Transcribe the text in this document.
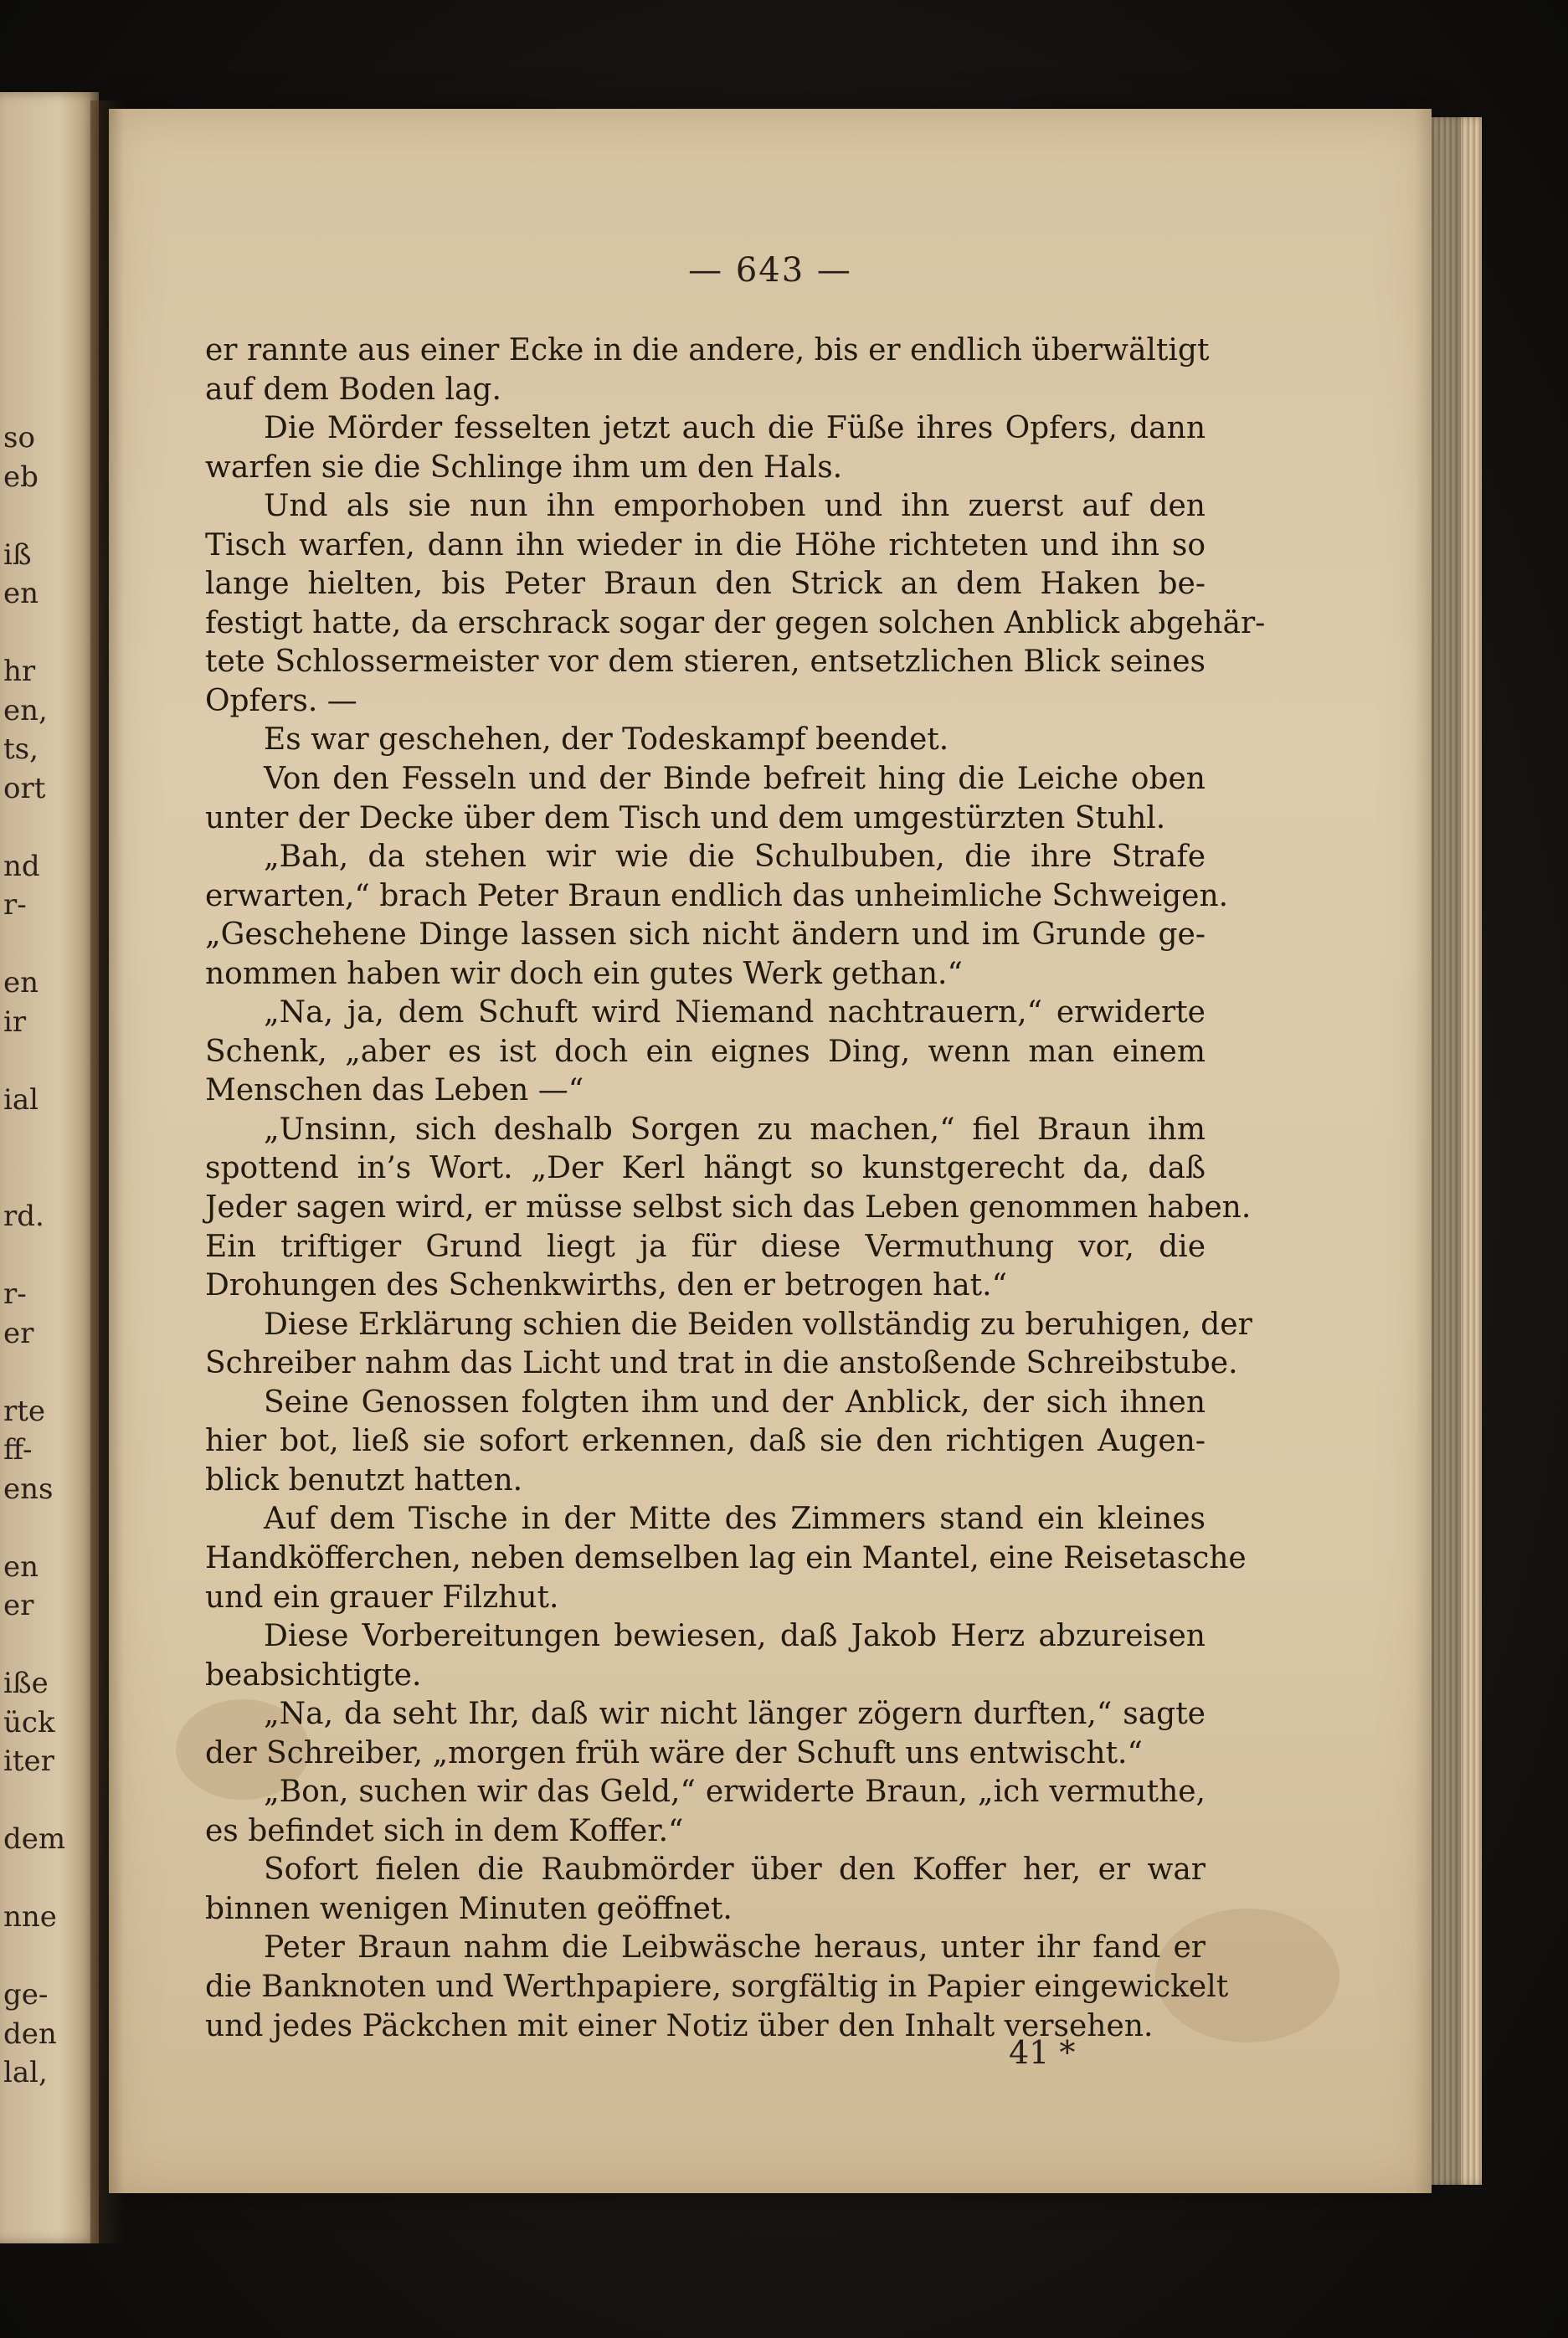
so
eb
iß
en
hr
en,
ts,
ort
nd
r-
en
ir
ial
rd.
r-
er
rte
ff-
ens
en
er
iße
ück
iter
dem
nne
ge-
den
lal,
— 643 —
er rannte aus einer Ecke in die andere, bis er endlich überwältigt
auf dem Boden lag.
Die Mörder fesselten jetzt auch die Füße ihres Opfers, dann
warfen sie die Schlinge ihm um den Hals.
Und als sie nun ihn emporhoben und ihn zuerst auf den
Tisch warfen, dann ihn wieder in die Höhe richteten und ihn so
lange hielten, bis Peter Braun den Strick an dem Haken be-
festigt hatte, da erschrack sogar der gegen solchen Anblick abgehär-
tete Schlossermeister vor dem stieren, entsetzlichen Blick seines
Opfers. —
Es war geschehen, der Todeskampf beendet.
Von den Fesseln und der Binde befreit hing die Leiche oben
unter der Decke über dem Tisch und dem umgestürzten Stuhl.
„Bah, da stehen wir wie die Schulbuben, die ihre Strafe
erwarten,“ brach Peter Braun endlich das unheimliche Schweigen.
„Geschehene Dinge lassen sich nicht ändern und im Grunde ge-
nommen haben wir doch ein gutes Werk gethan.“
„Na, ja, dem Schuft wird Niemand nachtrauern,“ erwiderte
Schenk, „aber es ist doch ein eignes Ding, wenn man einem
Menschen das Leben —“
„Unsinn, sich deshalb Sorgen zu machen,“ fiel Braun ihm
spottend in’s Wort. „Der Kerl hängt so kunstgerecht da, daß
Jeder sagen wird, er müsse selbst sich das Leben genommen haben.
Ein triftiger Grund liegt ja für diese Vermuthung vor, die
Drohungen des Schenkwirths, den er betrogen hat.“
Diese Erklärung schien die Beiden vollständig zu beruhigen, der
Schreiber nahm das Licht und trat in die anstoßende Schreibstube.
Seine Genossen folgten ihm und der Anblick, der sich ihnen
hier bot, ließ sie sofort erkennen, daß sie den richtigen Augen-
blick benutzt hatten.
Auf dem Tische in der Mitte des Zimmers stand ein kleines
Handköfferchen, neben demselben lag ein Mantel, eine Reisetasche
und ein grauer Filzhut.
Diese Vorbereitungen bewiesen, daß Jakob Herz abzureisen
beabsichtigte.
„Na, da seht Ihr, daß wir nicht länger zögern durften,“ sagte
der Schreiber, „morgen früh wäre der Schuft uns entwischt.“
„Bon, suchen wir das Geld,“ erwiderte Braun, „ich vermuthe,
es befindet sich in dem Koffer.“
Sofort fielen die Raubmörder über den Koffer her, er war
binnen wenigen Minuten geöffnet.
Peter Braun nahm die Leibwäsche heraus, unter ihr fand er
die Banknoten und Werthpapiere, sorgfältig in Papier eingewickelt
und jedes Päckchen mit einer Notiz über den Inhalt versehen.
41 *
